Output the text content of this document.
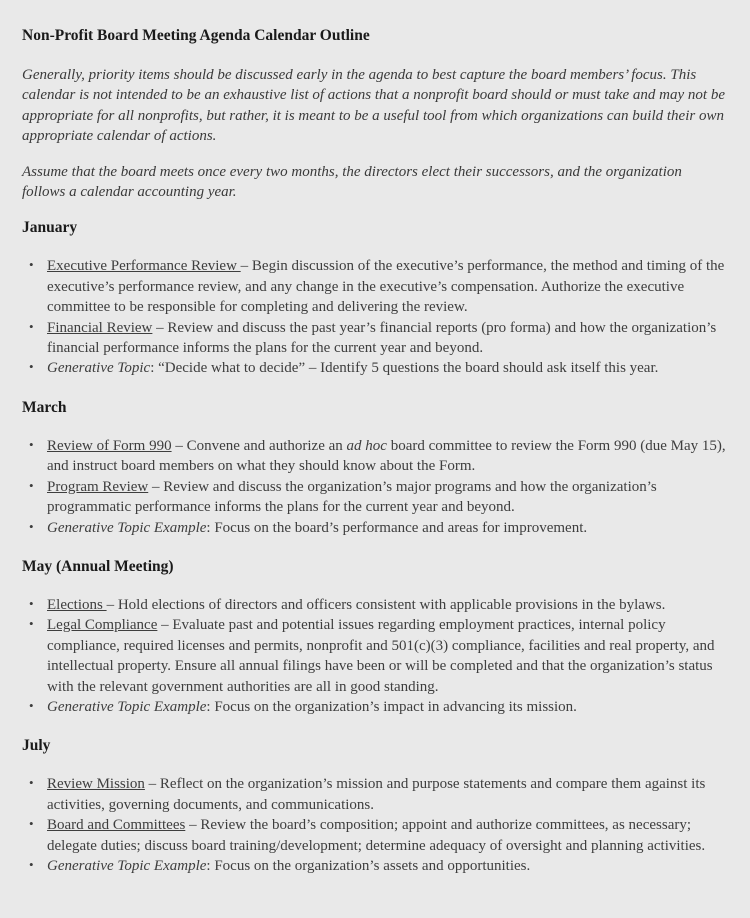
Non-Profit Board Meeting Agenda Calendar Outline

Generally, priority items should be discussed early in the agenda to best capture the board members’ focus. This calendar is not intended to be an exhaustive list of actions that a nonprofit board should or must take and may not be appropriate for all nonprofits, but rather, it is meant to be a useful tool from which organizations can build their own appropriate calendar of actions.

Assume that the board meets once every two months, the directors elect their successors, and the organization follows a calendar accounting year.

January
• Executive Performance Review – Begin discussion of the executive’s performance, the method and timing of the executive’s performance review, and any change in the executive’s compensation. Authorize the executive committee to be responsible for completing and delivering the review.
• Financial Review – Review and discuss the past year’s financial reports (pro forma) and how the organization’s financial performance informs the plans for the current year and beyond.
• Generative Topic: “Decide what to decide” – Identify 5 questions the board should ask itself this year.
March
• Review of Form 990 – Convene and authorize an ad hoc board committee to review the Form 990 (due May 15), and instruct board members on what they should know about the Form.
• Program Review – Review and discuss the organization’s major programs and how the organization’s programmatic performance informs the plans for the current year and beyond.
• Generative Topic Example: Focus on the board’s performance and areas for improvement.
May (Annual Meeting)
• Elections – Hold elections of directors and officers consistent with applicable provisions in the bylaws.
• Legal Compliance – Evaluate past and potential issues regarding employment practices, internal policy compliance, required licenses and permits, nonprofit and 501(c)(3) compliance, facilities and real property, and intellectual property. Ensure all annual filings have been or will be completed and that the organization’s status with the relevant government authorities are all in good standing.
• Generative Topic Example: Focus on the organization’s impact in advancing its mission.
July
• Review Mission – Reflect on the organization’s mission and purpose statements and compare them against its activities, governing documents, and communications.
• Board and Committees – Review the board’s composition; appoint and authorize committees, as necessary; delegate duties; discuss board training/development; determine adequacy of oversight and planning activities.
• Generative Topic Example: Focus on the organization’s assets and opportunities.
